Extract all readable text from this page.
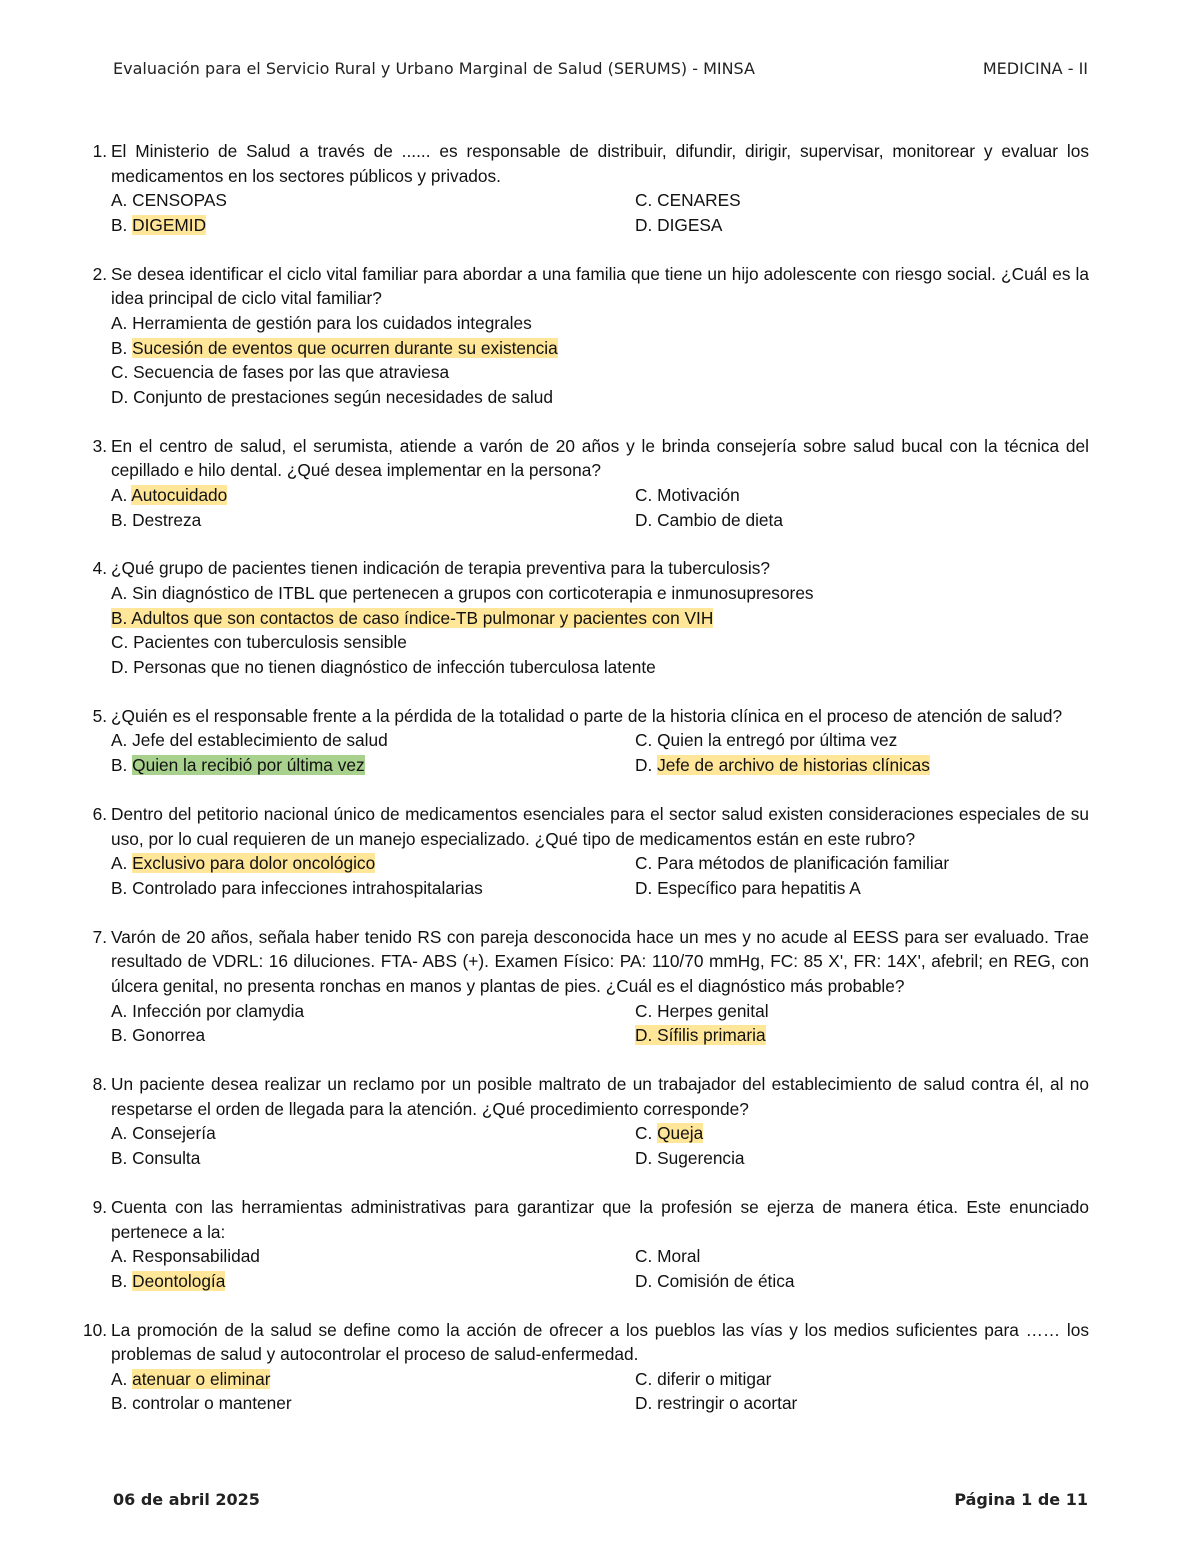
Evaluación para el Servicio Rural y Urbano Marginal de Salud (SERUMS) - MINSA	MEDICINA - II
1. El Ministerio de Salud a través de ...... es responsable de distribuir, difundir, dirigir, supervisar, monitorear y evaluar los medicamentos en los sectores públicos y privados.
A. CENSOPAS	C. CENARES
B. DIGEMID	D. DIGESA
2. Se desea identificar el ciclo vital familiar para abordar a una familia que tiene un hijo adolescente con riesgo social. ¿Cuál es la idea principal de ciclo vital familiar?
A. Herramienta de gestión para los cuidados integrales
B. Sucesión de eventos que ocurren durante su existencia
C. Secuencia de fases por las que atraviesa
D. Conjunto de prestaciones según necesidades de salud
3. En el centro de salud, el serumista, atiende a varón de 20 años y le brinda consejería sobre salud bucal con la técnica del cepillado e hilo dental. ¿Qué desea implementar en la persona?
A. Autocuidado	C. Motivación
B. Destreza	D. Cambio de dieta
4. ¿Qué grupo de pacientes tienen indicación de terapia preventiva para la tuberculosis?
A. Sin diagnóstico de ITBL que pertenecen a grupos con corticoterapia e inmunosupresores
B. Adultos que son contactos de caso índice-TB pulmonar y pacientes con VIH
C. Pacientes con tuberculosis sensible
D. Personas que no tienen diagnóstico de infección tuberculosa latente
5. ¿Quién es el responsable frente a la pérdida de la totalidad o parte de la historia clínica en el proceso de atención de salud?
A. Jefe del establecimiento de salud	C. Quien la entregó por última vez
B. Quien la recibió por última vez	D. Jefe de archivo de historias clínicas
6. Dentro del petitorio nacional único de medicamentos esenciales para el sector salud existen consideraciones especiales de su uso, por lo cual requieren de un manejo especializado. ¿Qué tipo de medicamentos están en este rubro?
A. Exclusivo para dolor oncológico	C. Para métodos de planificación familiar
B. Controlado para infecciones intrahospitalarias	D. Específico para hepatitis A
7. Varón de 20 años, señala haber tenido RS con pareja desconocida hace un mes y no acude al EESS para ser evaluado. Trae resultado de VDRL: 16 diluciones. FTA- ABS (+). Examen Físico: PA: 110/70 mmHg, FC: 85 X', FR: 14X', afebril; en REG, con úlcera genital, no presenta ronchas en manos y plantas de pies. ¿Cuál es el diagnóstico más probable?
A. Infección por clamydia	C. Herpes genital
B. Gonorrea	D. Sífilis primaria
8. Un paciente desea realizar un reclamo por un posible maltrato de un trabajador del establecimiento de salud contra él, al no respetarse el orden de llegada para la atención. ¿Qué procedimiento corresponde?
A. Consejería	C. Queja
B. Consulta	D. Sugerencia
9. Cuenta con las herramientas administrativas para garantizar que la profesión se ejerza de manera ética. Este enunciado pertenece a la:
A. Responsabilidad	C. Moral
B. Deontología	D. Comisión de ética
10. La promoción de la salud se define como la acción de ofrecer a los pueblos las vías y los medios suficientes para …… los problemas de salud y autocontrolar el proceso de salud-enfermedad.
A. atenuar o eliminar	C. diferir o mitigar
B. controlar o mantener	D. restringir o acortar
06 de abril 2025	Página 1 de 11
